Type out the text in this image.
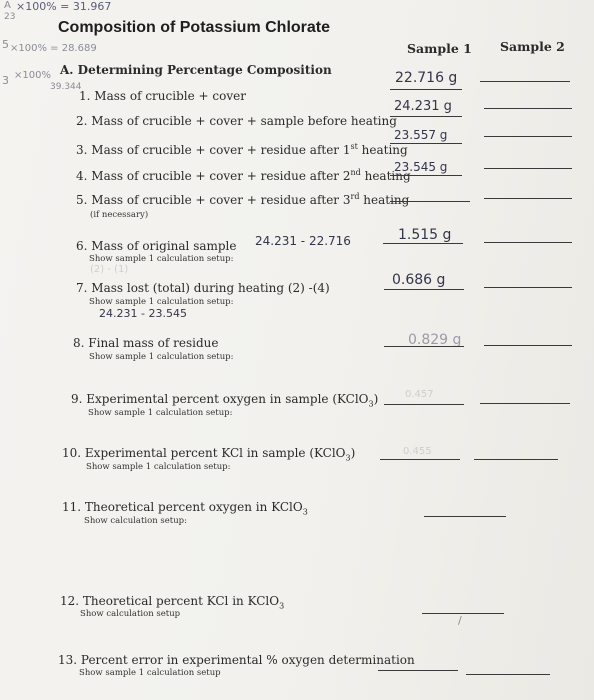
A ×100% = 31.967
23
5 ×100% = 28.689
3 ×100%
39.344
Composition of Potassium Chlorate
A. Determining Percentage Composition
Sample 1 Sample 2
1. Mass of crucible + cover
22.716 g
2. Mass of crucible + cover + sample before heating
24.231 g
3. Mass of crucible + cover + residue after 1st heating
23.557 g
4. Mass of crucible + cover + residue after 2nd heating
23.545 g
5. Mass of crucible + cover + residue after 3rd heating
(if necessary)
6. Mass of original sample 24.231 - 22.716
Show sample 1 calculation setup:
1.515 g
(2) - (1)
7. Mass lost (total) during heating (2) -(4)
Show sample 1 calculation setup:
24.231 - 23.545
0.686 g
8. Final mass of residue
Show sample 1 calculation setup:
0.829 g
9. Experimental percent oxygen in sample (KClO$_3$)
Show sample 1 calculation setup:
0.457
10. Experimental percent KCl in sample (KClO$_3$)
Show sample 1 calculation setup:
0.455
11. Theoretical percent oxygen in KClO$_3$
Show calculation setup:
12. Theoretical percent KCl in KClO$_3$
Show calculation setup	/
13. Percent error in experimental % oxygen determination
Show sample 1 calculation setup
